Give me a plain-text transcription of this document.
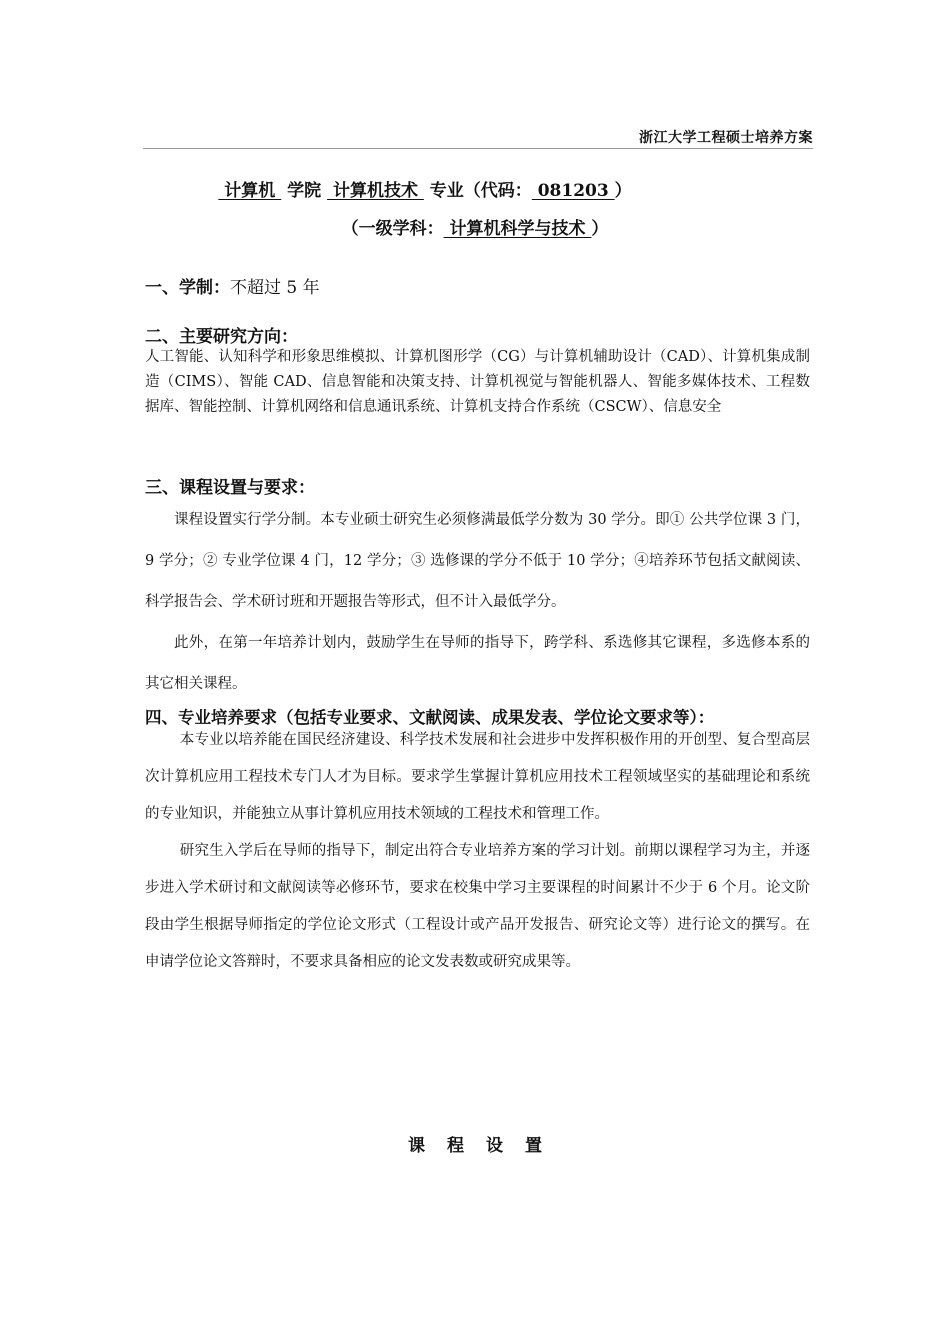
浙江大学工程硕士培养方案
计算机  学院  计算机技术  专业（代码： 081203 ）
（一级学科： 计算机科学与技术 ）
一、学制：不超过 5 年
二、主要研究方向：
人工智能、认知科学和形象思维模拟、计算机图形学（CG）与计算机辅助设计（CAD）、计算机集成制造（CIMS）、智能 CAD、信息智能和决策支持、计算机视觉与智能机器人、智能多媒体技术、工程数据库、智能控制、计算机网络和信息通讯系统、计算机支持合作系统（CSCW）、信息安全
三、课程设置与要求：

课程设置实行学分制。本专业硕士研究生必须修满最低学分数为 30 学分。即① 公共学位课 3 门，9 学分；② 专业学位课 4 门，12 学分；③ 选修课的学分不低于 10 学分；④培养环节包括文献阅读、科学报告会、学术研讨班和开题报告等形式，但不计入最低学分。

此外，在第一年培养计划内，鼓励学生在导师的指导下，跨学科、系选修其它课程，多选修本系的其它相关课程。

四、专业培养要求（包括专业要求、文献阅读、成果发表、学位论文要求等）：

本专业以培养能在国民经济建设、科学技术发展和社会进步中发挥积极作用的开创型、复合型高层次计算机应用工程技术专门人才为目标。要求学生掌握计算机应用技术工程领域坚实的基础理论和系统的专业知识，并能独立从事计算机应用技术领域的工程技术和管理工作。

研究生入学后在导师的指导下，制定出符合专业培养方案的学习计划。前期以课程学习为主，并逐步进入学术研讨和文献阅读等必修环节，要求在校集中学习主要课程的时间累计不少于 6 个月。论文阶段由学生根据导师指定的学位论文形式（工程设计或产品开发报告、研究论文等）进行论文的撰写。在申请学位论文答辩时，不要求具备相应的论文发表数或研究成果等。

课程设置
